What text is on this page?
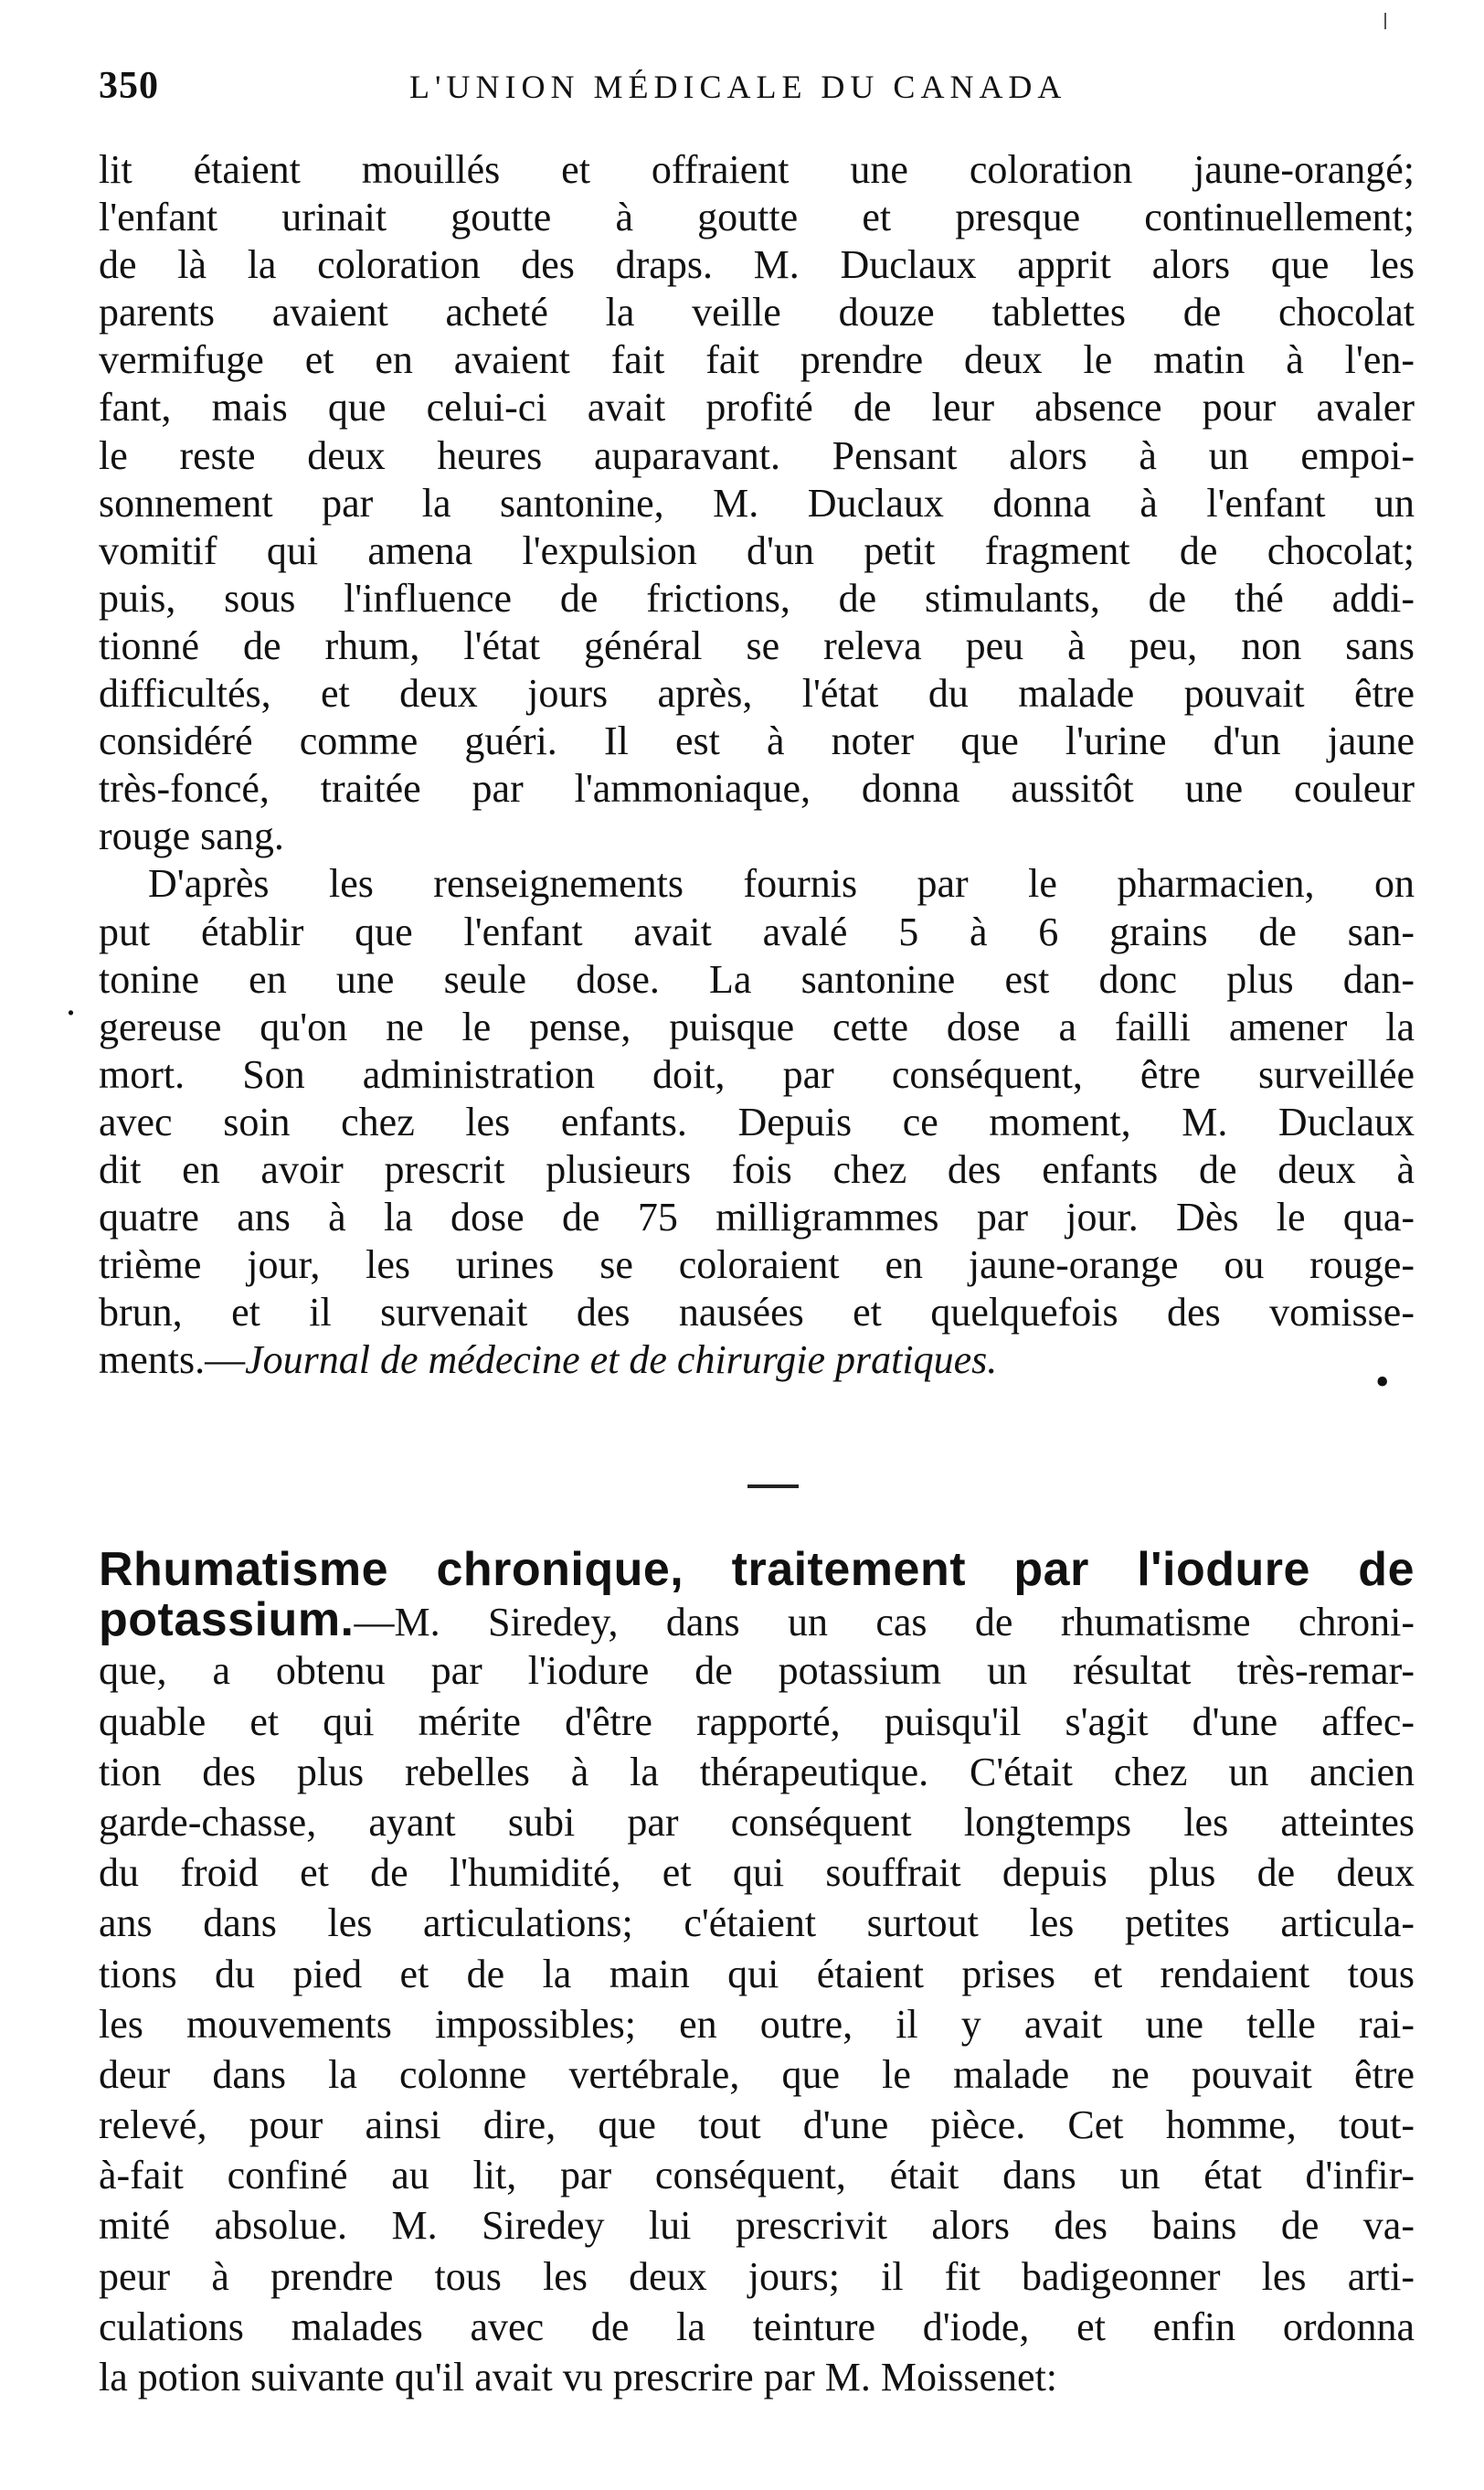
350	L'UNION MÉDICALE DU CANADA
lit étaient mouillés et offraient une coloration jaune-orangé;
l'enfant urinait goutte à goutte et presque continuellement;
de là la coloration des draps. M. Duclaux apprit alors que les
parents avaient acheté la veille douze tablettes de chocolat
vermifuge et en avaient fait fait prendre deux le matin à l'en-
fant, mais que celui-ci avait profité de leur absence pour avaler
le reste deux heures auparavant. Pensant alors à un empoi-
sonnement par la santonine, M. Duclaux donna à l'enfant un
vomitif qui amena l'expulsion d'un petit fragment de chocolat;
puis, sous l'influence de frictions, de stimulants, de thé addi-
tionné de rhum, l'état général se releva peu à peu, non sans
difficultés, et deux jours après, l'état du malade pouvait être
considéré comme guéri. Il est à noter que l'urine d'un jaune
très-foncé, traitée par l'ammoniaque, donna aussitôt une couleur
rouge sang.
D'après les renseignements fournis par le pharmacien, on
put établir que l'enfant avait avalé 5 à 6 grains de san-
tonine en une seule dose. La santonine est donc plus dan-
gereuse qu'on ne le pense, puisque cette dose a failli amener la
mort. Son administration doit, par conséquent, être surveillée
avec soin chez les enfants. Depuis ce moment, M. Duclaux
dit en avoir prescrit plusieurs fois chez des enfants de deux à
quatre ans à la dose de 75 milligrammes par jour. Dès le qua-
trième jour, les urines se coloraient en jaune-orange ou rouge-
brun, et il survenait des nausées et quelquefois des vomisse-
ments.—Journal de médecine et de chirurgie pratiques.
.
•
Rhumatisme chronique, traitement par l'iodure de
potassium.—M. Siredey, dans un cas de rhumatisme chroni-
que, a obtenu par l'iodure de potassium un résultat très-remar-
quable et qui mérite d'être rapporté, puisqu'il s'agit d'une affec-
tion des plus rebelles à la thérapeutique. C'était chez un ancien
garde-chasse, ayant subi par conséquent longtemps les atteintes
du froid et de l'humidité, et qui souffrait depuis plus de deux
ans dans les articulations; c'étaient surtout les petites articula-
tions du pied et de la main qui étaient prises et rendaient tous
les mouvements impossibles; en outre, il y avait une telle rai-
deur dans la colonne vertébrale, que le malade ne pouvait être
relevé, pour ainsi dire, que tout d'une pièce. Cet homme, tout-
à-fait confiné au lit, par conséquent, était dans un état d'infir-
mité absolue. M. Siredey lui prescrivit alors des bains de va-
peur à prendre tous les deux jours; il fit badigeonner les arti-
culations malades avec de la teinture d'iode, et enfin ordonna
la potion suivante qu'il avait vu prescrire par M. Moissenet:
